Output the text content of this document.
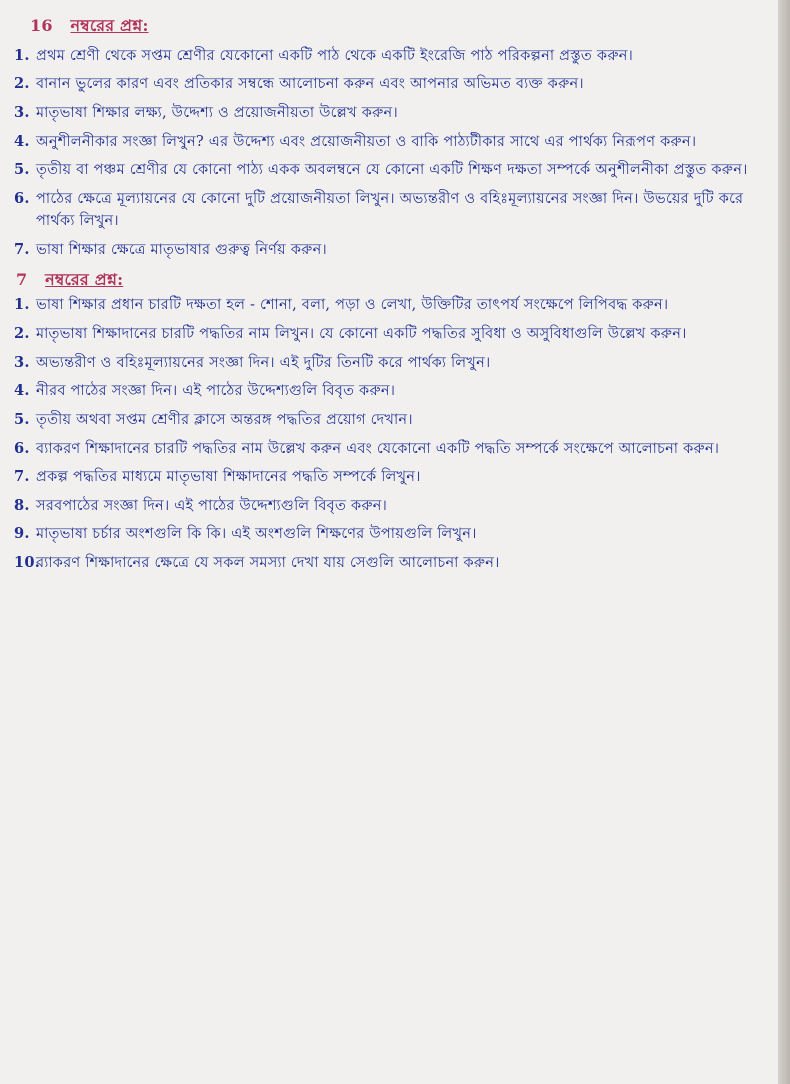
16 নম্বরের প্রশ্ন:
1. প্রথম শ্রেণী থেকে সপ্তম শ্রেণীর যেকোনো একটি পাঠ থেকে একটি ইংরেজি পাঠ পরিকল্পনা প্রস্তুত করুন।
2. বানান ভুলের কারণ এবং প্রতিকার সম্বন্ধে আলোচনা করুন এবং আপনার অভিমত ব্যক্ত করুন।
3. মাতৃভাষা শিক্ষার লক্ষ্য, উদ্দেশ্য ও প্রয়োজনীয়তা উল্লেখ করুন।
4. অনুশীলনীকার সংজ্ঞা লিখুন? এর উদ্দেশ্য এবং প্রয়োজনীয়তা ও বাকি পাঠ্যটীকার সাথে এর পার্থক্য নিরূপণ করুন।
5. তৃতীয় বা পঞ্চম শ্রেণীর যে কোনো পাঠ্য একক অবলম্বনে যে কোনো একটি শিক্ষণ দক্ষতা সম্পর্কে অনুশীলনীকা প্রস্তুত করুন।
6. পাঠের ক্ষেত্রে মূল্যায়নের যে কোনো দুটি প্রয়োজনীয়তা লিখুন। অভ্যন্তরীণ ও বহিঃমূল্যায়নের সংজ্ঞা দিন। উভয়ের দুটি করে পার্থক্য লিখুন।
7. ভাষা শিক্ষার ক্ষেত্রে মাতৃভাষার গুরুত্ব নির্ণয় করুন।
7 নম্বরের প্রশ্ন:
1. ভাষা শিক্ষার প্রধান চারটি দক্ষতা হল - শোনা, বলা, পড়া ও লেখা, উক্তিটির তাৎপর্য সংক্ষেপে লিপিবদ্ধ করুন।
2. মাতৃভাষা শিক্ষাদানের চারটি পদ্ধতির নাম লিখুন। যে কোনো একটি পদ্ধতির সুবিধা ও অসুবিধাগুলি উল্লেখ করুন।
3. অভ্যন্তরীণ ও বহিঃমূল্যায়নের সংজ্ঞা দিন। এই দুটির তিনটি করে পার্থক্য লিখুন।
4. নীরব পাঠের সংজ্ঞা দিন। এই পাঠের উদ্দেশ্যগুলি বিবৃত করুন।
5. তৃতীয় অথবা সপ্তম শ্রেণীর ক্লাসে অন্তরঙ্গ পদ্ধতির প্রয়োগ দেখান।
6. ব্যাকরণ শিক্ষাদানের চারটি পদ্ধতির নাম উল্লেখ করুন এবং যেকোনো একটি পদ্ধতি সম্পর্কে সংক্ষেপে আলোচনা করুন।
7. প্রকল্প পদ্ধতির মাধ্যমে মাতৃভাষা শিক্ষাদানের পদ্ধতি সম্পর্কে লিখুন।
8. সরবপাঠের সংজ্ঞা দিন। এই পাঠের উদ্দেশ্যগুলি বিবৃত করুন।
9. মাতৃভাষা চর্চার অংশগুলি কি কি। এই অংশগুলি শিক্ষণের উপায়গুলি লিখুন।
10.
ব্যাকরণ শিক্ষাদানের ক্ষেত্রে যে সকল সমস্যা দেখা যায় সেগুলি আলোচনা করুন।
